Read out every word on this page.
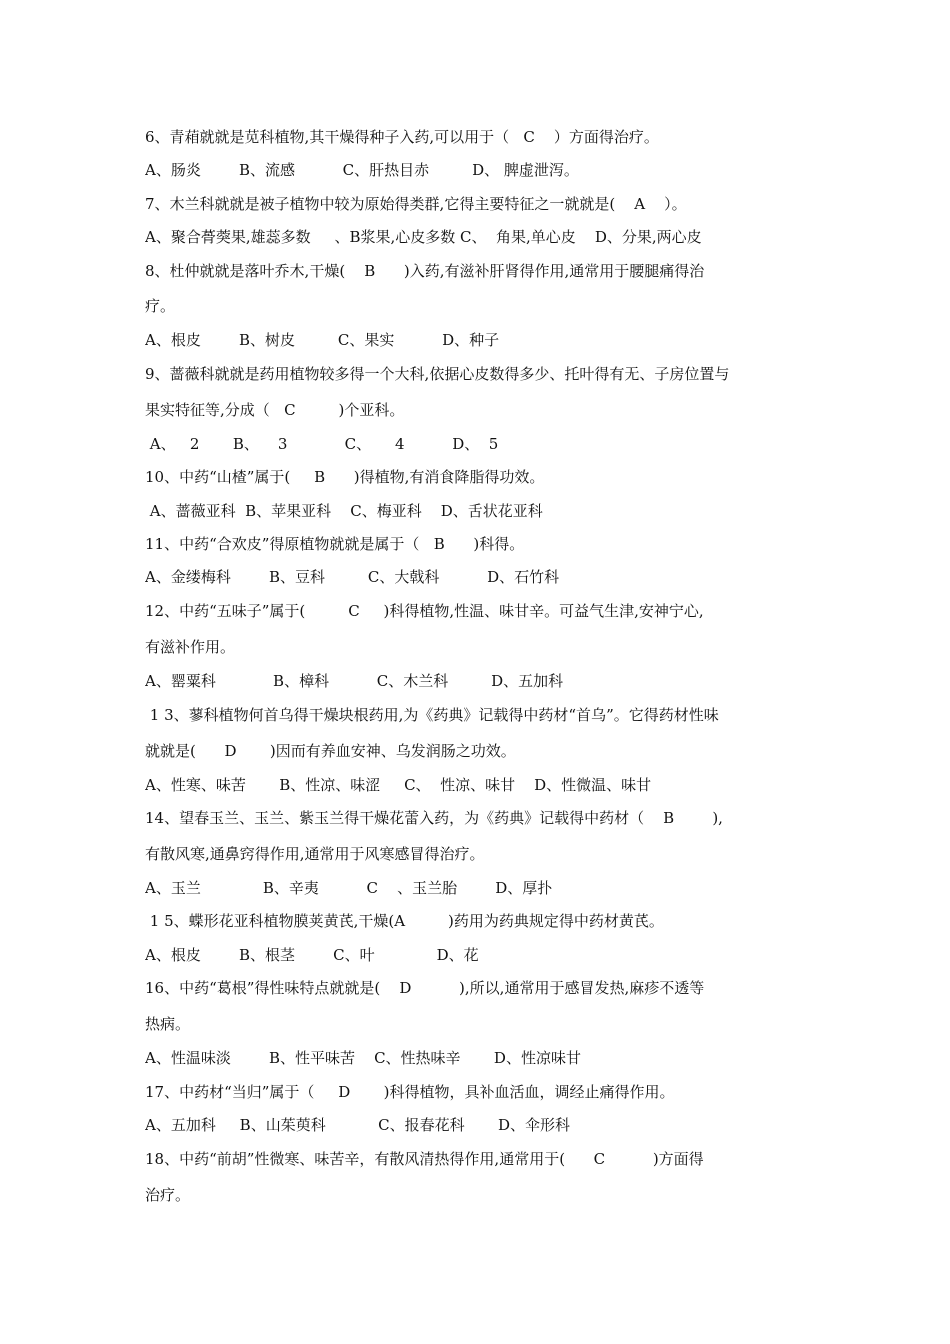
6、青葙就就是苋科植物,其干燥得种子入药,可以用于（   C    ）方面得治疗。
A、肠炎        B、流感          C、肝热目赤         D、 脾虚泄泻。
7、木兰科就就是被子植物中较为原始得类群,它得主要特征之一就就是(    A    ）。
A、聚合蓇葖果,雄蕊多数     、B浆果,心皮多数 C、  角果,单心皮    D、分果,两心皮
8、杜仲就就是落叶乔木,干燥(    B      )入药,有滋补肝肾得作用,通常用于腰腿痛得治
疗。
A、根皮        B、树皮         C、果实          D、种子
9、蔷薇科就就是药用植物较多得一个大科,依据心皮数得多少、托叶得有无、子房位置与
果实特征等,分成（   C         )个亚科。
A、   2       B、    3            C、     4          D、  5
10、中药“山楂”属于(     B      )得植物,有消食降脂得功效。
A、蔷薇亚科  B、苹果亚科    C、梅亚科    D、舌状花亚科
11、中药“合欢皮”得原植物就就是属于（   B      )科得。
A、金缕梅科        B、豆科         C、大戟科          D、石竹科
12、中药“五味子”属于(         C     )科得植物,性温、味甘辛。可益气生津,安神宁心,
有滋补作用。
A、罂粟科            B、樟科          C、木兰科         D、五加科
1 3、蓼科植物何首乌得干燥块根药用,为《药典》记载得中药材“首乌”。它得药材性味
就就是(      D       )因而有养血安神、乌发润肠之功效。
A、性寒、味苦       B、性凉、味涩     C、  性凉、味甘    D、性微温、味甘
14、望春玉兰、玉兰、紫玉兰得干燥花蕾入药，为《药典》记载得中药材（    B        ),
有散风寒,通鼻窍得作用,通常用于风寒感冒得治疗。
A、玉兰             B、辛夷          C    、玉兰胎        D、厚扑
1 5、蝶形花亚科植物膜荚黄芪,干燥(A         )药用为药典规定得中药材黄芪。
A、根皮        B、根茎        C、叶             D、花
16、中药“葛根”得性味特点就就是(    D          ),所以,通常用于感冒发热,麻疹不透等
热病。
A、性温味淡        B、性平味苦    C、性热味辛       D、性凉味甘
17、中药材“当归”属于（     D       )科得植物，具补血活血，调经止痛得作用。
A、五加科     B、山茱萸科           C、报春花科       D、伞形科
18、中药“前胡”性微寒、味苦辛，有散风清热得作用,通常用于(      C          )方面得
治疗。
